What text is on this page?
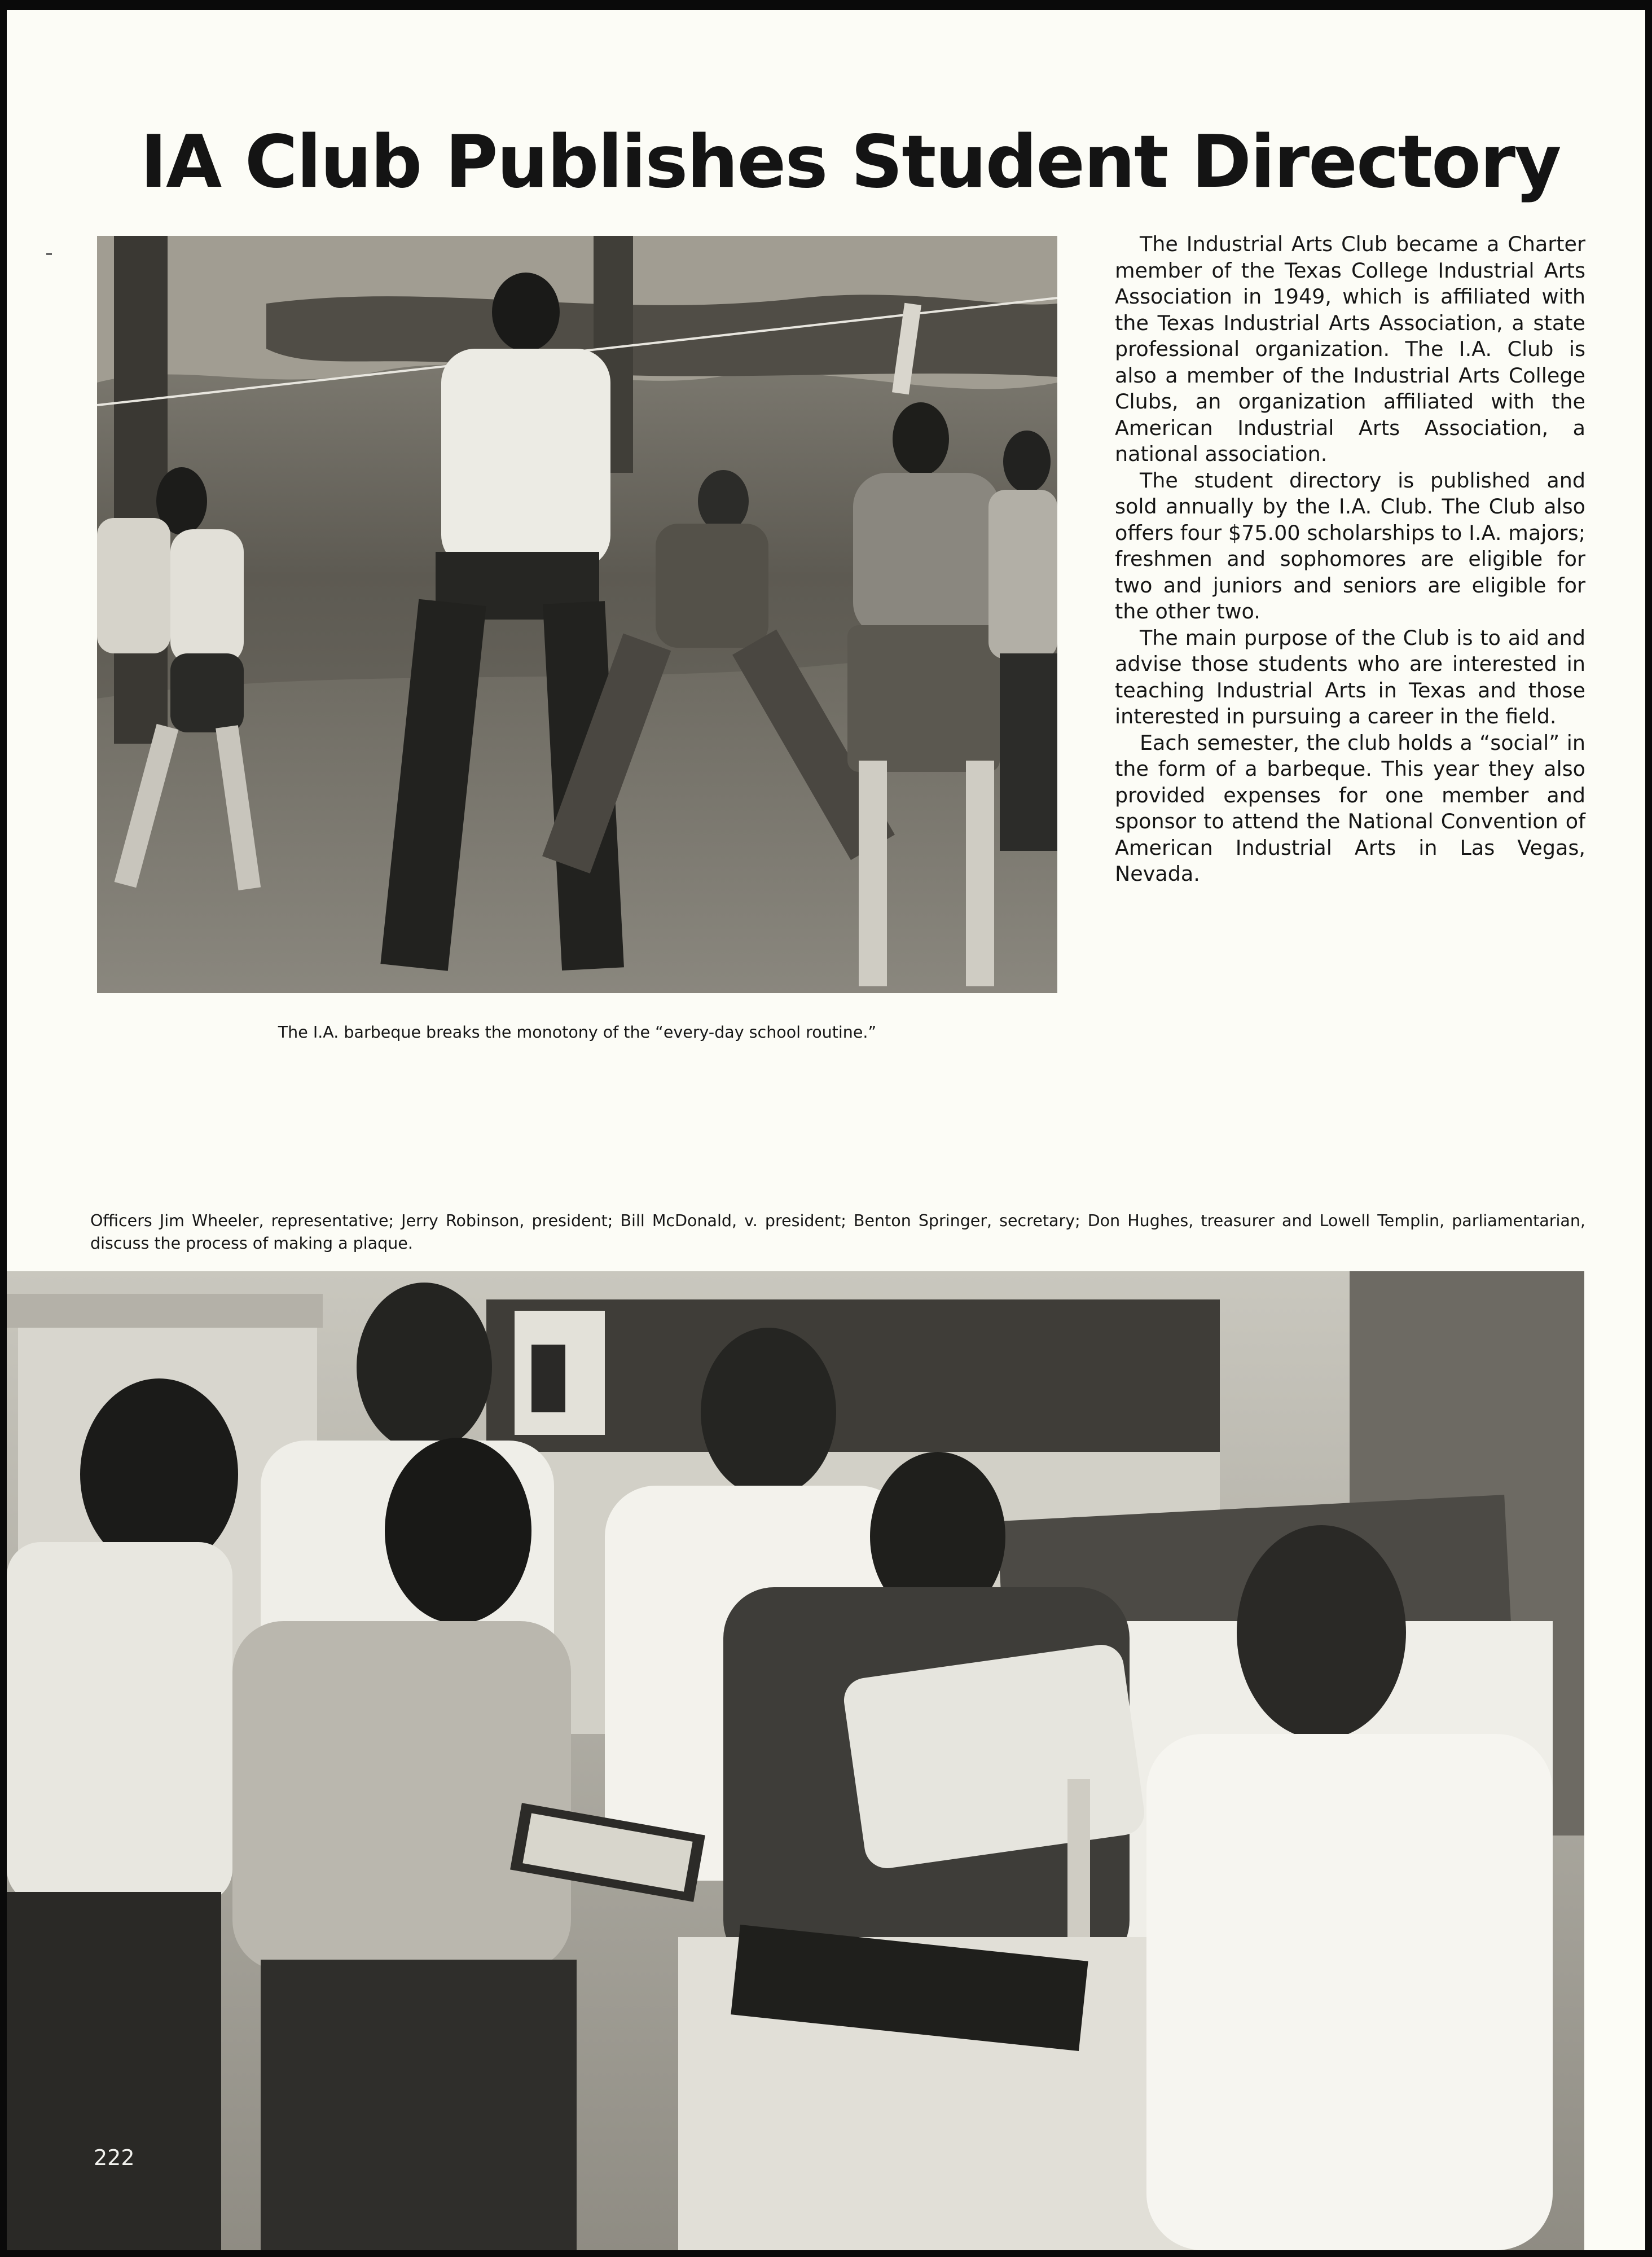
IA Club Publishes Student Directory

The Industrial Arts Club became a Charter member of the Texas College Industrial Arts Association in 1949, which is affiliated with the Texas Industrial Arts Association, a state professional organization. The I.A. Club is also a member of the Industrial Arts College Clubs, an organization affiliated with the American Industrial Arts Association, a national association.

The student directory is published and sold annually by the I.A. Club. The Club also offers four $75.00 scholarships to I.A. majors; freshmen and sophomores are eligible for two and juniors and seniors are eligible for the other two.

The main purpose of the Club is to aid and advise those students who are interested in teaching Industrial Arts in Texas and those interested in pursuing a career in the field.

Each semester, the club holds a “social” in the form of a barbeque. This year they also provided expenses for one member and sponsor to attend the National Convention of American Industrial Arts in Las Vegas, Nevada.

The I.A. barbeque breaks the monotony of the “every-day school routine.”

Officers Jim Wheeler, representative; Jerry Robinson, president; Bill McDonald, v. president; Benton Springer, secretary; Don Hughes, treasurer and Lowell Templin, parliamentarian, discuss the process of making a plaque.

222
